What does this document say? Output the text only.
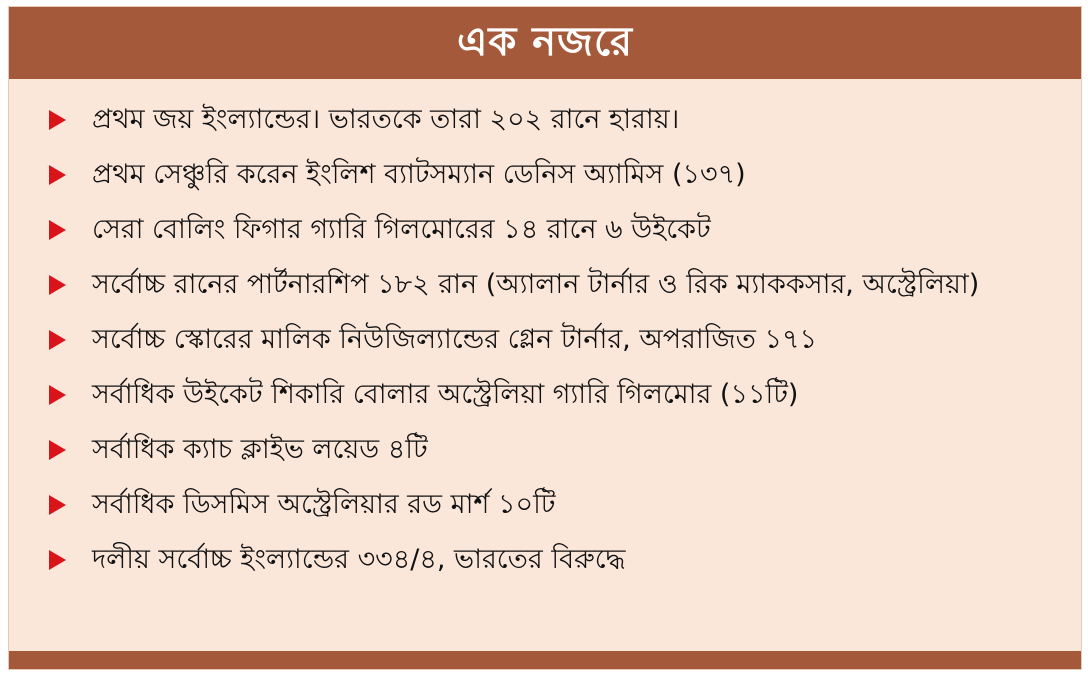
এক নজরে
প্রথম জয় ইংল্যান্ডের। ভারতকে তারা ২০২ রানে হারায়।
প্রথম সেঞ্চুরি করেন ইংলিশ ব্যাটসম্যান ডেনিস অ্যামিস (১৩৭)
সেরা বোলিং ফিগার গ্যারি গিলমোরের ১৪ রানে ৬ উইকেট
সর্বোচ্চ রানের পার্টনারশিপ ১৮২ রান (অ্যালান টার্নার ও রিক ম্যাককসার, অস্ট্রেলিয়া)
সর্বোচ্চ স্কোরের মালিক নিউজিল্যান্ডের গ্লেন টার্নার, অপরাজিত ১৭১
সর্বাধিক উইকেট শিকারি বোলার অস্ট্রেলিয়া গ্যারি গিলমোর (১১টি)
সর্বাধিক ক্যাচ ক্লাইভ লয়েড ৪টি
সর্বাধিক ডিসমিস অস্ট্রেলিয়ার রড মার্শ ১০টি
দলীয় সর্বোচ্চ ইংল্যান্ডের ৩৩৪/৪, ভারতের বিরুদ্ধে
